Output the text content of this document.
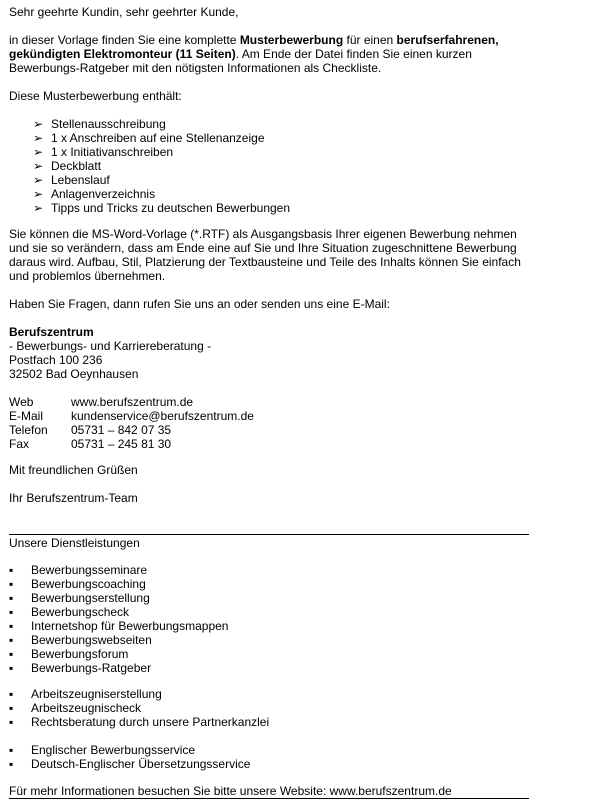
Sehr geehrte Kundin, sehr geehrter Kunde,
in dieser Vorlage finden Sie eine komplette Musterbewerbung für einen berufserfahrenen,
gekündigten Elektromonteur (11 Seiten). Am Ende der Datei finden Sie einen kurzen
Bewerbungs-Ratgeber mit den nötigsten Informationen als Checkliste.
Diese Musterbewerbung enthält:
➢ Stellenausschreibung
➢ 1 x Anschreiben auf eine Stellenanzeige
➢ 1 x Initiativanschreiben
➢ Deckblatt
➢ Lebenslauf
➢ Anlagenverzeichnis
➢ Tipps und Tricks zu deutschen Bewerbungen
Sie können die MS-Word-Vorlage (*.RTF) als Ausgangsbasis Ihrer eigenen Bewerbung nehmen
und sie so verändern, dass am Ende eine auf Sie und Ihre Situation zugeschnittene Bewerbung
daraus wird. Aufbau, Stil, Platzierung der Textbausteine und Teile des Inhalts können Sie einfach
und problemlos übernehmen.
Haben Sie Fragen, dann rufen Sie uns an oder senden uns eine E-Mail:
Berufszentrum
- Bewerbungs- und Karriereberatung -
Postfach 100 236
32502 Bad Oeynhausen
Web	www.berufszentrum.de
E-Mail kundenservice@berufszentrum.de
Telefon 05731 – 842 07 35
Fax	05731 – 245 81 30
Mit freundlichen Grüßen
Ihr Berufszentrum-Team
Unsere Dienstleistungen
▪ Bewerbungsseminare
▪ Bewerbungscoaching
▪ Bewerbungserstellung
▪ Bewerbungscheck
▪ Internetshop für Bewerbungsmappen
▪ Bewerbungswebseiten
▪ Bewerbungsforum
▪ Bewerbungs-Ratgeber
▪ Arbeitszeugniserstellung
▪ Arbeitszeugnischeck
▪ Rechtsberatung durch unsere Partnerkanzlei
▪ Englischer Bewerbungsservice
▪ Deutsch-Englischer Übersetzungsservice
Für mehr Informationen besuchen Sie bitte unsere Website: www.berufszentrum.de
